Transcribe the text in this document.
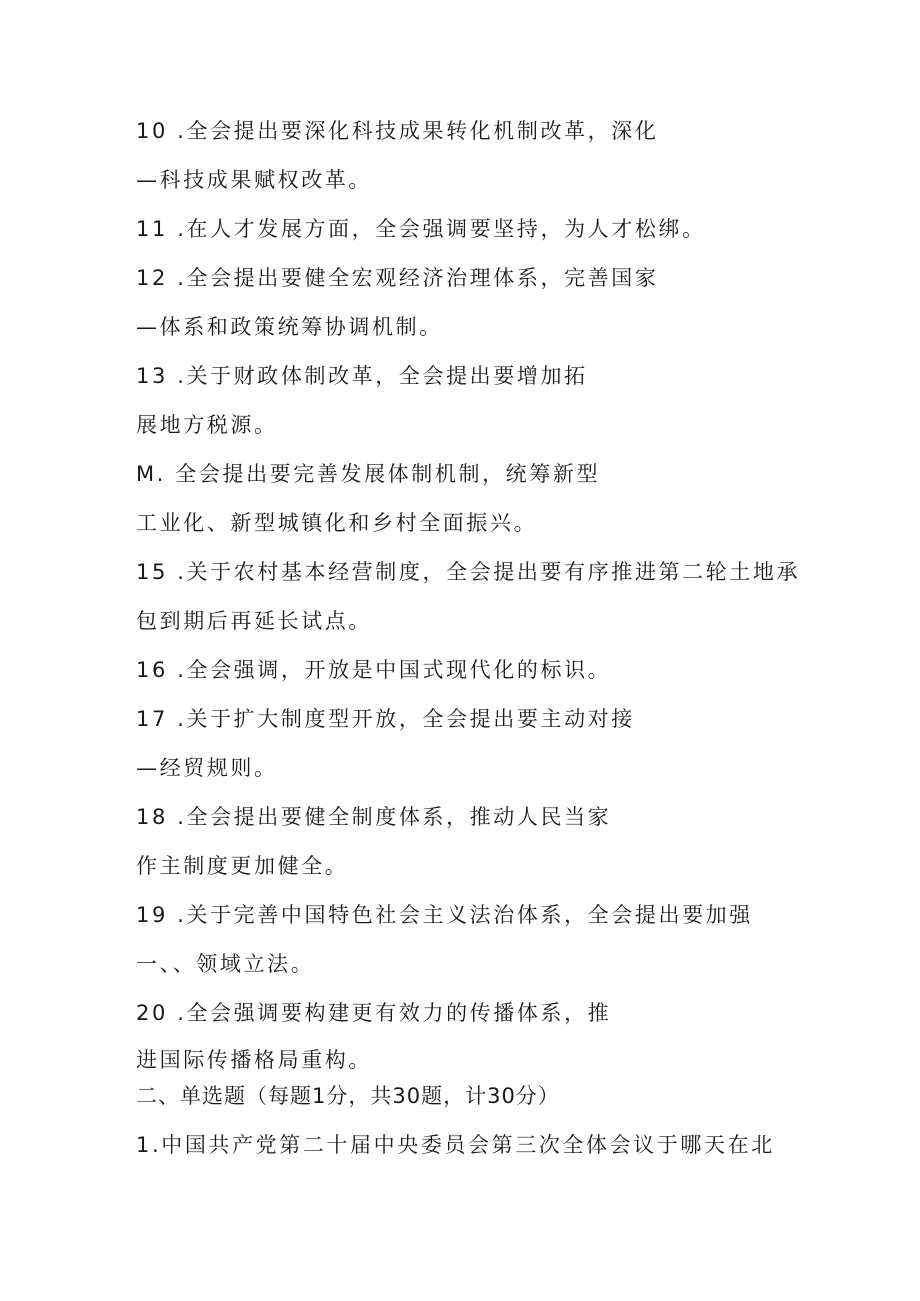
10 .全会提出要深化科技成果转化机制改革，深化
—科技成果赋权改革。
11 .在人才发展方面，全会强调要坚持，为人才松绑。
12 .全会提出要健全宏观经济治理体系，完善国家
—体系和政策统筹协调机制。
13 .关于财政体制改革，全会提出要增加拓
展地方税源。
M. 全会提出要完善发展体制机制，统筹新型
工业化、新型城镇化和乡村全面振兴。
15 .关于农村基本经营制度，全会提出要有序推进第二轮土地承
包到期后再延长试点。
16 .全会强调，开放是中国式现代化的标识。
17 .关于扩大制度型开放，全会提出要主动对接
—经贸规则。
18 .全会提出要健全制度体系，推动人民当家
作主制度更加健全。
19 .关于完善中国特色社会主义法治体系，全会提出要加强
一、、领域立法。
20 .全会强调要构建更有效力的传播体系，推
进国际传播格局重构。
二、单选题（每题1分，共30题，计30分）
1.中国共产党第二十届中央委员会第三次全体会议于哪天在北
